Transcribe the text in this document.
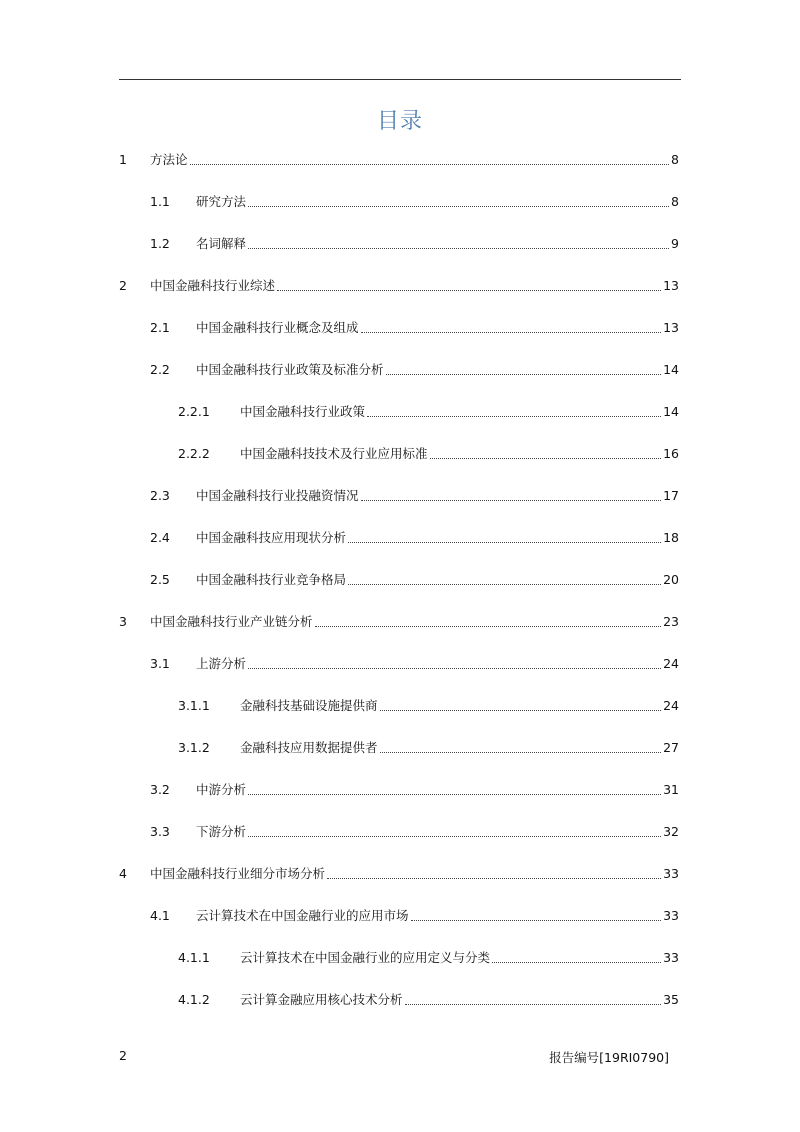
目录
1	方法论	8
1.1	研究方法	8
1.2	名词解释	9
2	中国金融科技行业综述	13
2.1	中国金融科技行业概念及组成	13
2.2	中国金融科技行业政策及标准分析	14
2.2.1	中国金融科技行业政策	14
2.2.2	中国金融科技技术及行业应用标准	16
2.3	中国金融科技行业投融资情况	17
2.4	中国金融科技应用现状分析	18
2.5	中国金融科技行业竞争格局	20
3	中国金融科技行业产业链分析	23
3.1	上游分析	24
3.1.1	金融科技基础设施提供商	24
3.1.2	金融科技应用数据提供者	27
3.2	中游分析	31
3.3	下游分析	32
4	中国金融科技行业细分市场分析	33
4.1	云计算技术在中国金融行业的应用市场	33
4.1.1	云计算技术在中国金融行业的应用定义与分类	33
4.1.2	云计算金融应用核心技术分析	35
2	报告编号[19RI0790]
